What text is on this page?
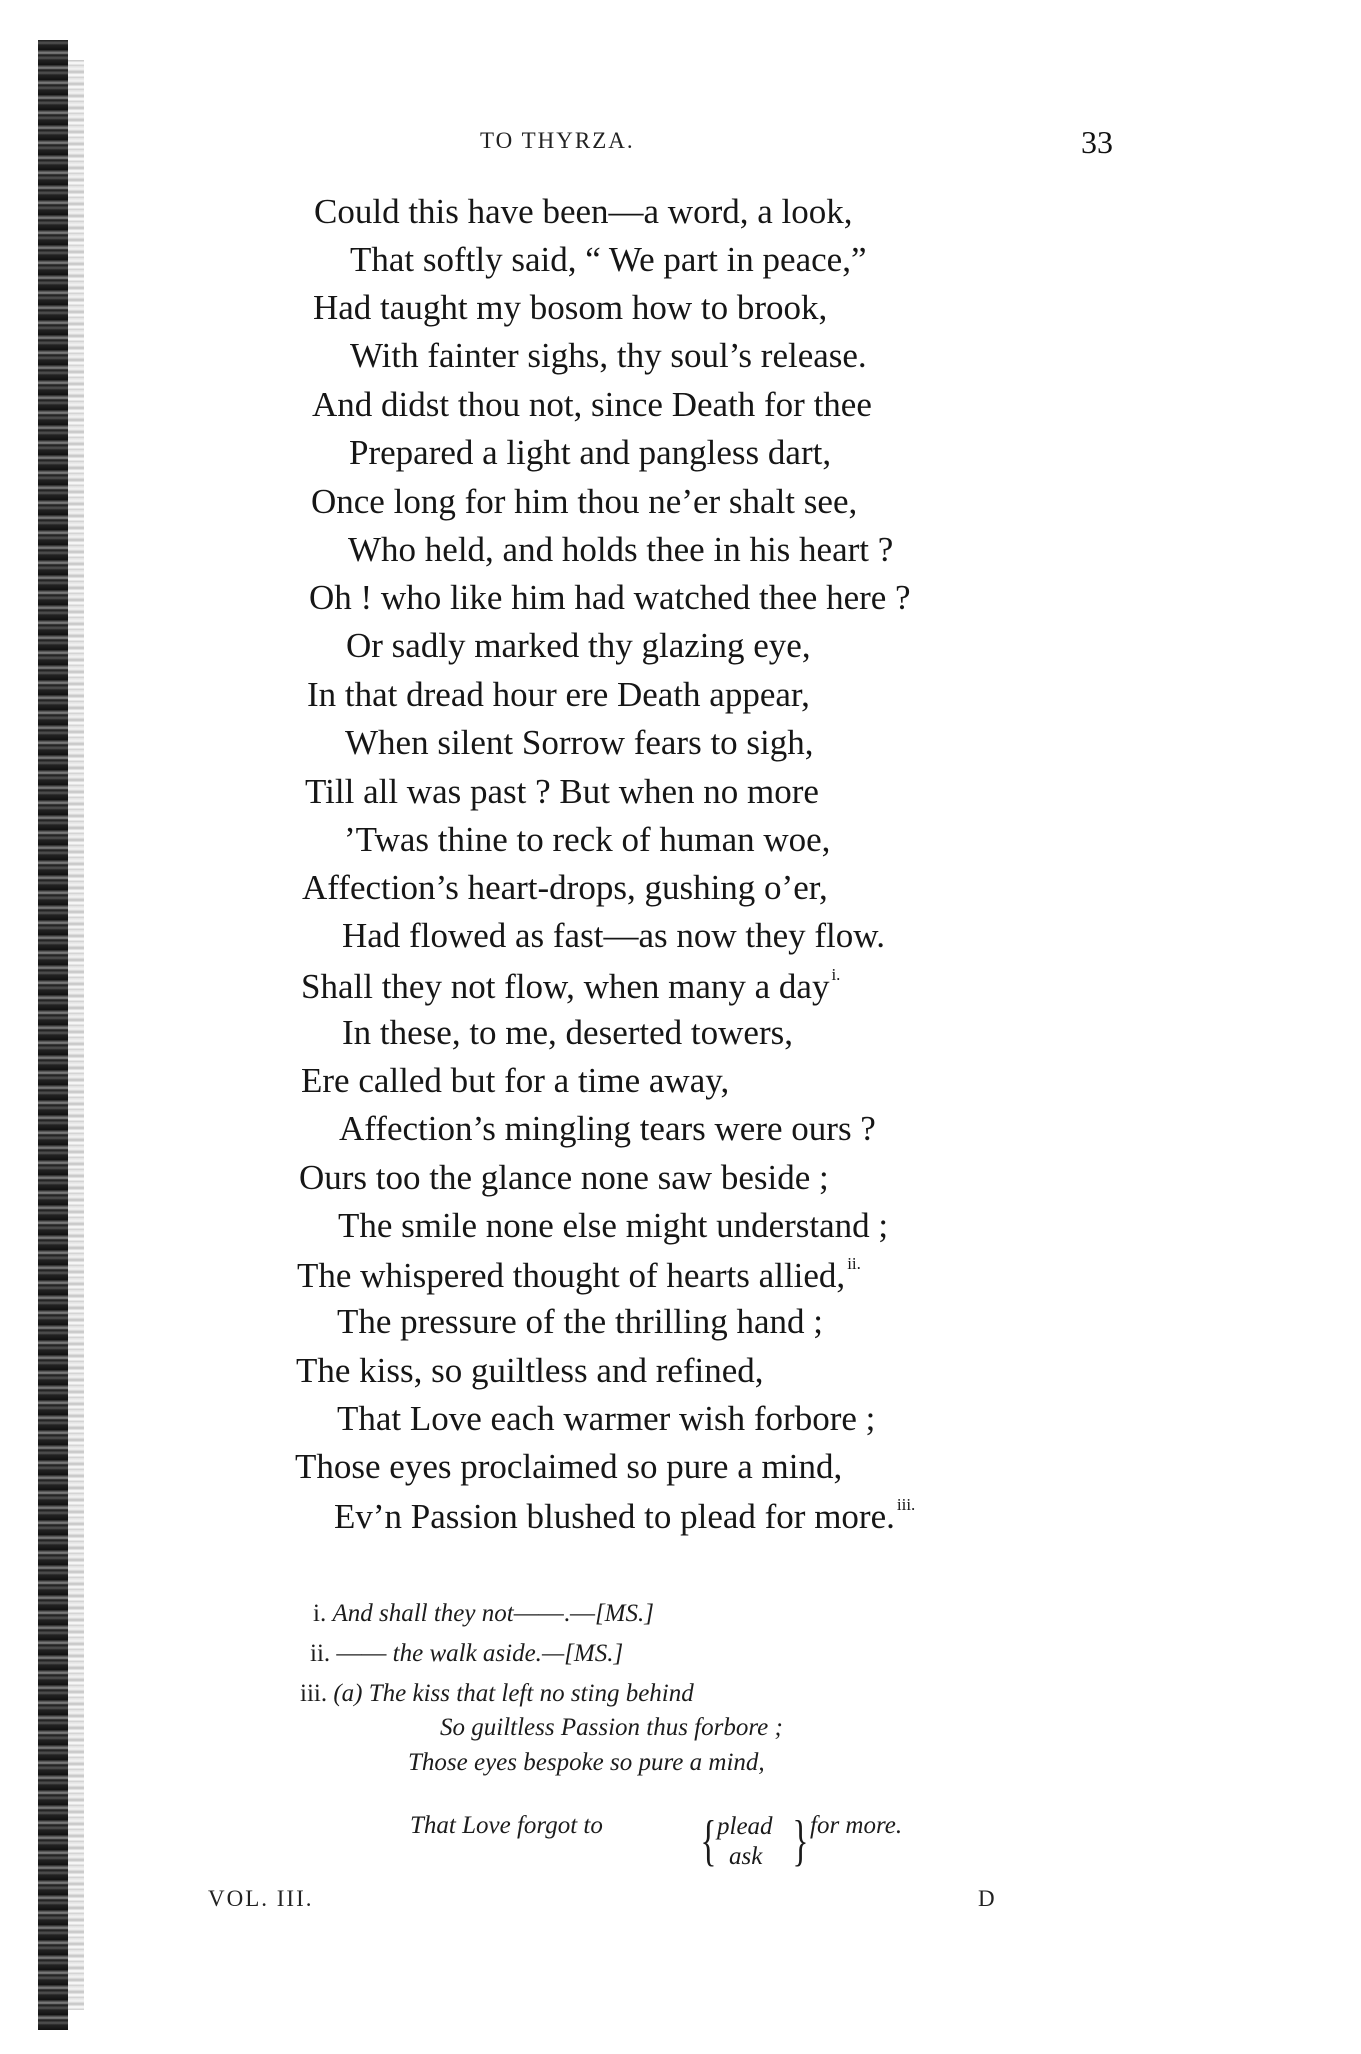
TO THYRZA.	33
Could this have been—a word, a look,
That softly said, “ We part in peace,”
Had taught my bosom how to brook,
With fainter sighs, thy soul’s release.
And didst thou not, since Death for thee
Prepared a light and pangless dart,
Once long for him thou ne’er shalt see,
Who held, and holds thee in his heart ?
Oh ! who like him had watched thee here ?
Or sadly marked thy glazing eye,
In that dread hour ere Death appear,
When silent Sorrow fears to sigh,
Till all was past ? But when no more
’Twas thine to reck of human woe,
Affection’s heart-drops, gushing o’er,
Had flowed as fast—as now they flow.
Shall they not flow, when many a day $^{i.}$
In these, to me, deserted towers,
Ere called but for a time away,
Affection’s mingling tears were ours ?
Ours too the glance none saw beside ;
The smile none else might understand ;
The whispered thought of hearts allied, $^{ii.}$
The pressure of the thrilling hand ;
The kiss, so guiltless and refined,
That Love each warmer wish forbore ;
Those eyes proclaimed so pure a mind,
Ev’n Passion blushed to plead for more. $^{iii.}$
i. And shall they not——.—[MS.]
ii. —— the walk aside.—[MS.]
iii. (a) The kiss that left no sting behind
So guiltless Passion thus forbore ;
Those eyes bespoke so pure a mind,
That Love forgot to	for more.
{ plead
ask }
VOL. III.	D
